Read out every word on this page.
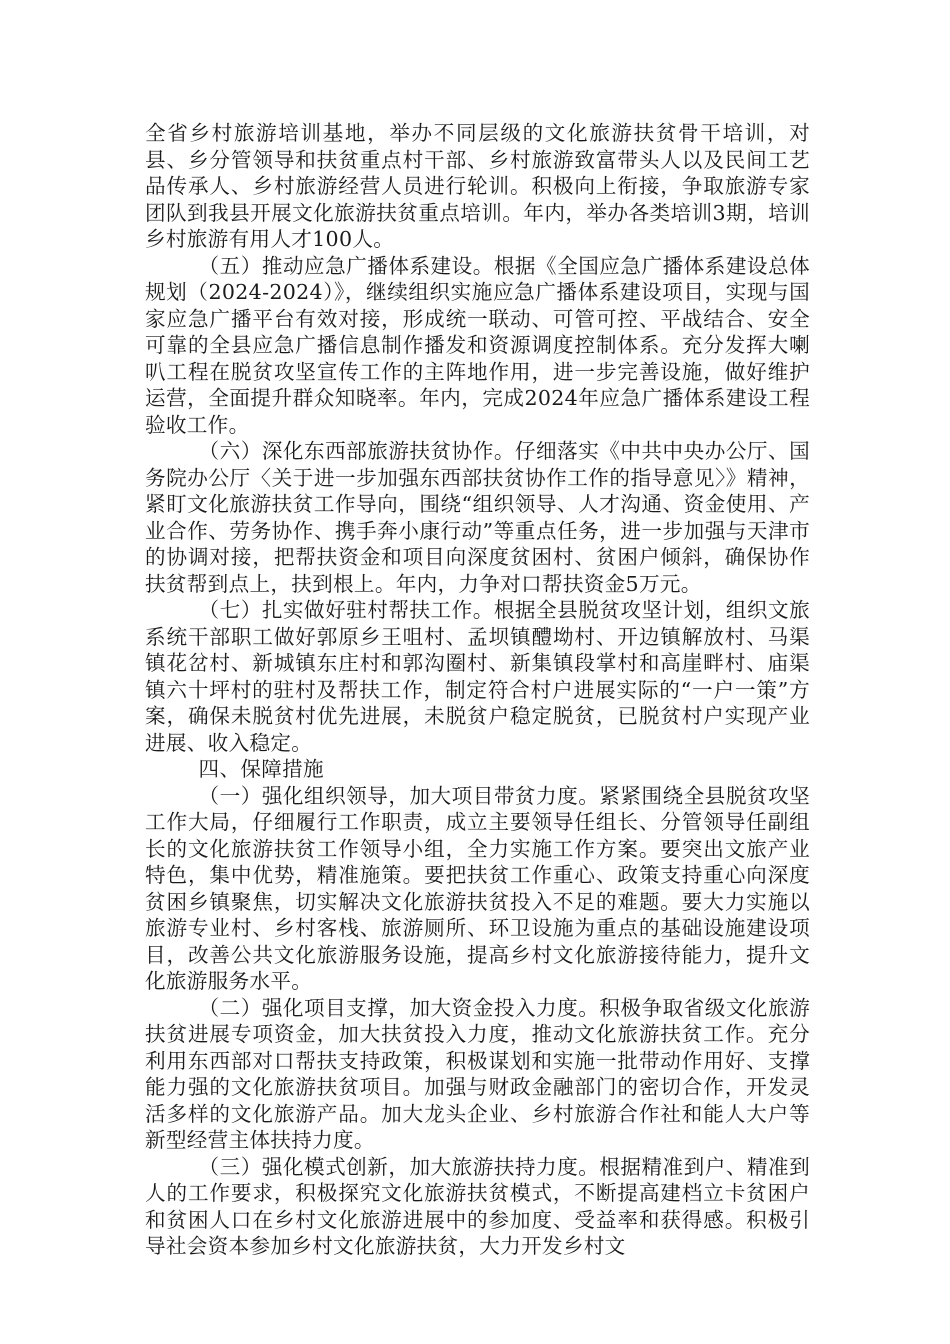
全省乡村旅游培训基地，举办不同层级的文化旅游扶贫骨干培训，对县、乡分管领导和扶贫重点村干部、乡村旅游致富带头人以及民间工艺品传承人、乡村旅游经营人员进行轮训。积极向上衔接，争取旅游专家团队到我县开展文化旅游扶贫重点培训。年内，举办各类培训3期，培训乡村旅游有用人才100人。

（五）推动应急广播体系建设。根据《全国应急广播体系建设总体规划（2024-2024）》，继续组织实施应急广播体系建设项目，实现与国家应急广播平台有效对接，形成统一联动、可管可控、平战结合、安全可靠的全县应急广播信息制作播发和资源调度控制体系。充分发挥大喇叭工程在脱贫攻坚宣传工作的主阵地作用，进一步完善设施，做好维护运营，全面提升群众知晓率。年内，完成2024年应急广播体系建设工程验收工作。

（六）深化东西部旅游扶贫协作。仔细落实《中共中央办公厅、国务院办公厅〈关于进一步加强东西部扶贫协作工作的指导意见〉》精神，紧盯文化旅游扶贫工作导向，围绕“组织领导、人才沟通、资金使用、产业合作、劳务协作、携手奔小康行动”等重点任务，进一步加强与天津市的协调对接，把帮扶资金和项目向深度贫困村、贫困户倾斜，确保协作扶贫帮到点上，扶到根上。年内，力争对口帮扶资金5万元。

（七）扎实做好驻村帮扶工作。根据全县脱贫攻坚计划，组织文旅系统干部职工做好郭原乡王咀村、孟坝镇醴坳村、开边镇解放村、马渠镇花岔村、新城镇东庄村和郭沟圈村、新集镇段掌村和高崖畔村、庙渠镇六十坪村的驻村及帮扶工作，制定符合村户进展实际的“一户一策”方案，确保未脱贫村优先进展，未脱贫户稳定脱贫，已脱贫村户实现产业进展、收入稳定。

四、保障措施

（一）强化组织领导，加大项目带贫力度。紧紧围绕全县脱贫攻坚工作大局，仔细履行工作职责，成立主要领导任组长、分管领导任副组长的文化旅游扶贫工作领导小组，全力实施工作方案。要突出文旅产业特色，集中优势，精准施策。要把扶贫工作重心、政策支持重心向深度贫困乡镇聚焦，切实解决文化旅游扶贫投入不足的难题。要大力实施以旅游专业村、乡村客栈、旅游厕所、环卫设施为重点的基础设施建设项目，改善公共文化旅游服务设施，提高乡村文化旅游接待能力，提升文化旅游服务水平。

（二）强化项目支撑，加大资金投入力度。积极争取省级文化旅游扶贫进展专项资金，加大扶贫投入力度，推动文化旅游扶贫工作。充分利用东西部对口帮扶支持政策，积极谋划和实施一批带动作用好、支撑能力强的文化旅游扶贫项目。加强与财政金融部门的密切合作，开发灵活多样的文化旅游产品。加大龙头企业、乡村旅游合作社和能人大户等新型经营主体扶持力度。

（三）强化模式创新，加大旅游扶持力度。根据精准到户、精准到人的工作要求，积极探究文化旅游扶贫模式，不断提高建档立卡贫困户和贫困人口在乡村文化旅游进展中的参加度、受益率和获得感。积极引导社会资本参加乡村文化旅游扶贫，大力开发乡村文
